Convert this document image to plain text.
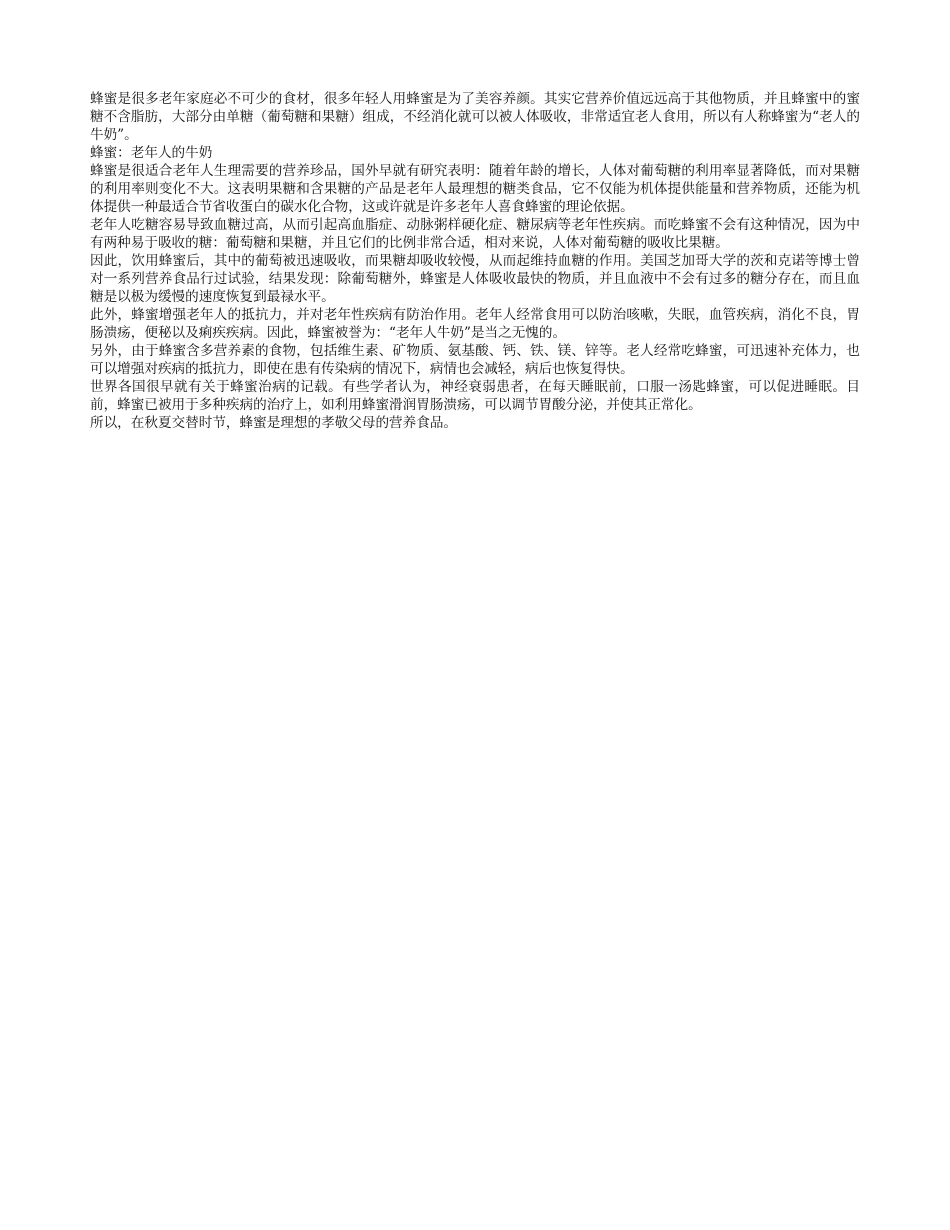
蜂蜜是很多老年家庭必不可少的食材，很多年轻人用蜂蜜是为了美容养颜。其实它营养价值远远高于其他物质，并且蜂蜜中的蜜糖不含脂肪，大部分由单糖（葡萄糖和果糖）组成，不经消化就可以被人体吸收，非常适宜老人食用，所以有人称蜂蜜为“老人的牛奶”。

蜂蜜：老年人的牛奶

蜂蜜是很适合老年人生理需要的营养珍品，国外早就有研究表明：随着年龄的增长，人体对葡萄糖的利用率显著降低，而对果糖的利用率则变化不大。这表明果糖和含果糖的产品是老年人最理想的糖类食品，它不仅能为机体提供能量和营养物质，还能为机体提供一种最适合节省收蛋白的碳水化合物，这或许就是许多老年人喜食蜂蜜的理论依据。

老年人吃糖容易导致血糖过高，从而引起高血脂症、动脉粥样硬化症、糖尿病等老年性疾病。而吃蜂蜜不会有这种情况，因为中有两种易于吸收的糖：葡萄糖和果糖，并且它们的比例非常合适，相对来说，人体对葡萄糖的吸收比果糖。

因此，饮用蜂蜜后，其中的葡萄被迅速吸收，而果糖却吸收较慢，从而起维持血糖的作用。美国芝加哥大学的茨和克诺等博士曾对一系列营养食品行过试验，结果发现：除葡萄糖外，蜂蜜是人体吸收最快的物质，并且血液中不会有过多的糖分存在，而且血糖是以极为缓慢的速度恢复到最禄水平。

此外，蜂蜜增强老年人的抵抗力，并对老年性疾病有防治作用。老年人经常食用可以防治咳嗽，失眠，血管疾病，消化不良，胃肠溃疡，便秘以及痢疾疾病。因此，蜂蜜被誉为：“老年人牛奶”是当之无愧的。

另外，由于蜂蜜含多营养素的食物，包括维生素、矿物质、氨基酸、钙、铁、镁、锌等。老人经常吃蜂蜜，可迅速补充体力，也可以增强对疾病的抵抗力，即使在患有传染病的情况下，病情也会减轻，病后也恢复得快。

世界各国很早就有关于蜂蜜治病的记载。有些学者认为，神经衰弱患者，在每天睡眠前，口服一汤匙蜂蜜，可以促进睡眠。目前，蜂蜜已被用于多种疾病的治疗上，如利用蜂蜜滑润胃肠溃疡，可以调节胃酸分泌，并使其正常化。

所以，在秋夏交替时节，蜂蜜是理想的孝敬父母的营养食品。
